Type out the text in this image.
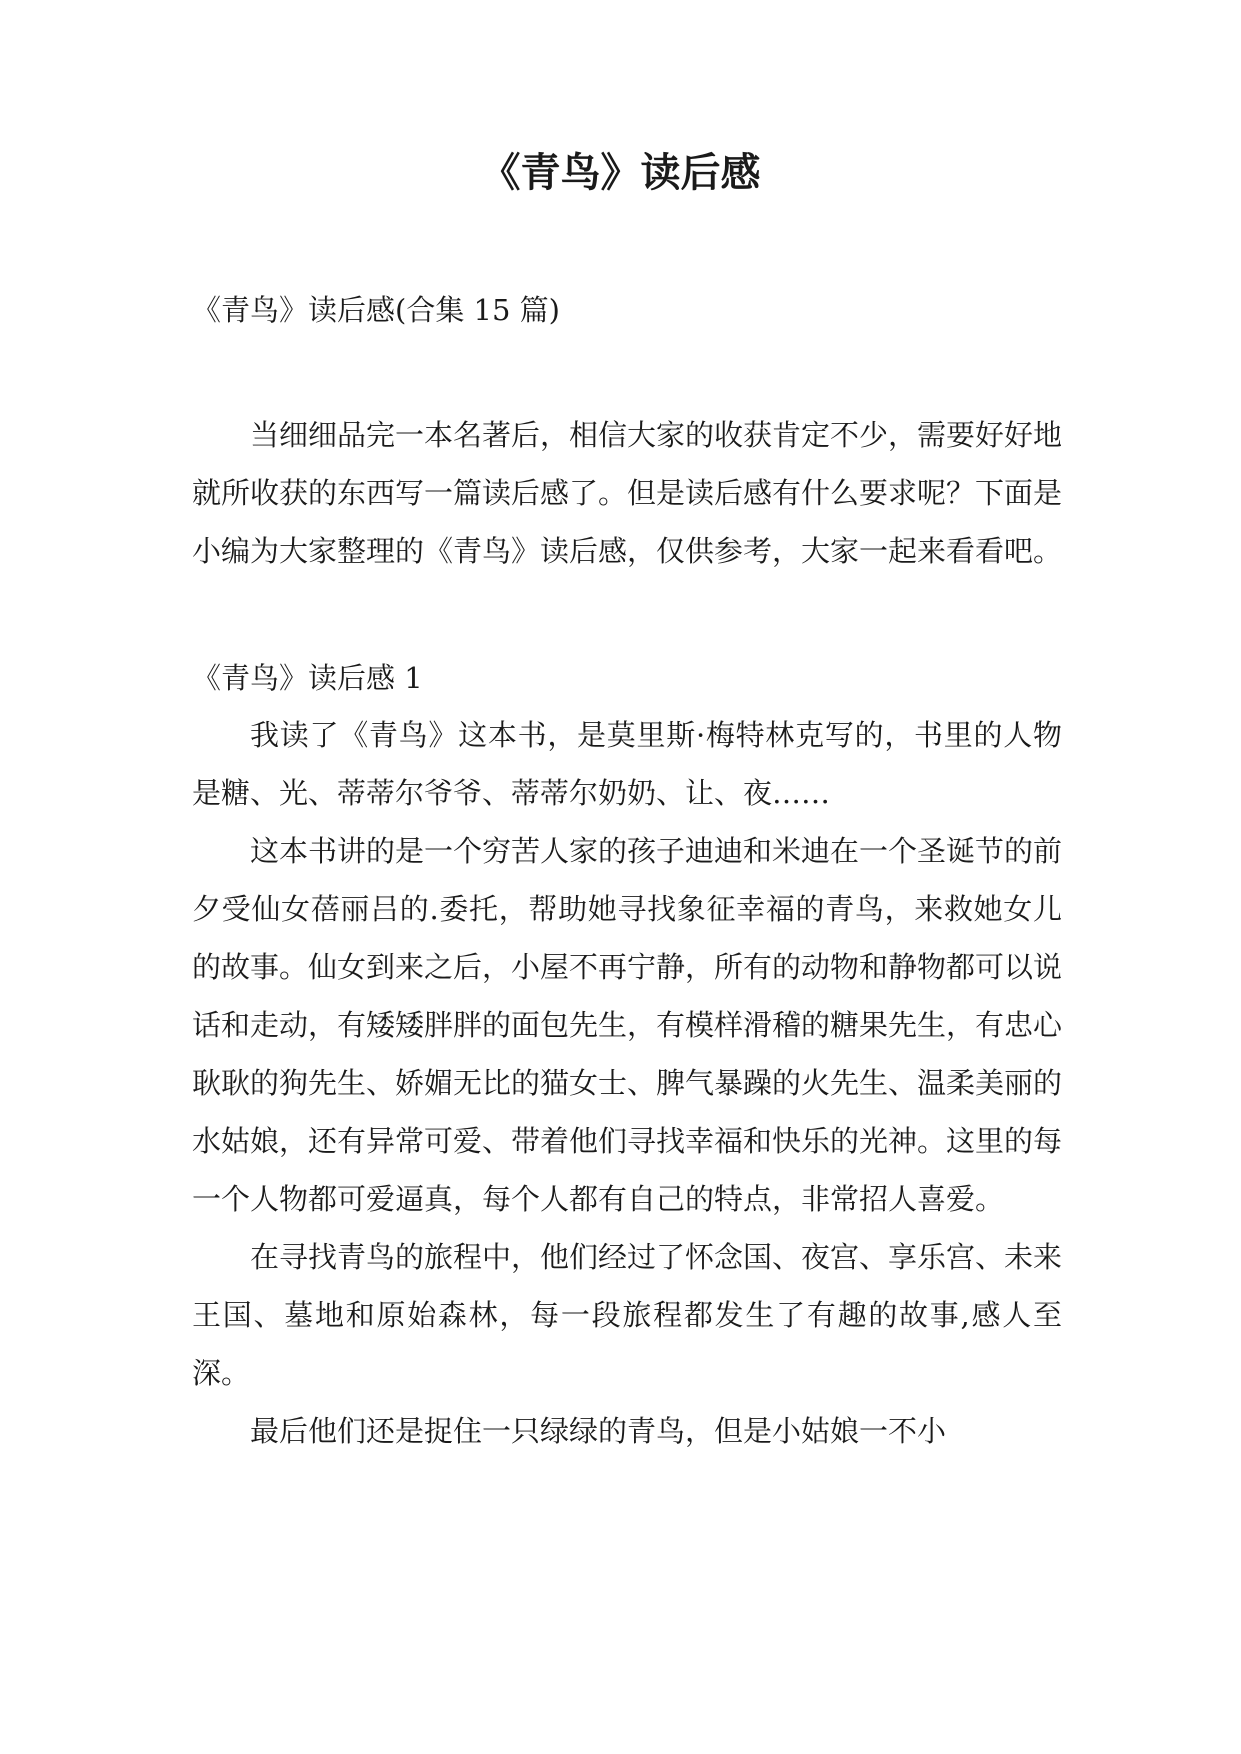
《青鸟》读后感

《青鸟》读后感(合集 15 篇)

当细细品完一本名著后，相信大家的收获肯定不少，需要好好地就所收获的东西写一篇读后感了。但是读后感有什么要求呢？下面是小编为大家整理的《青鸟》读后感，仅供参考，大家一起来看看吧。

《青鸟》读后感 1

我读了《青鸟》这本书，是莫里斯·梅特林克写的，书里的人物是糖、光、蒂蒂尔爷爷、蒂蒂尔奶奶、让、夜……

这本书讲的是一个穷苦人家的孩子迪迪和米迪在一个圣诞节的前夕受仙女蓓丽吕的.委托，帮助她寻找象征幸福的青鸟，来救她女儿的故事。仙女到来之后，小屋不再宁静，所有的动物和静物都可以说话和走动，有矮矮胖胖的面包先生，有模样滑稽的糖果先生，有忠心耿耿的狗先生、娇媚无比的猫女士、脾气暴躁的火先生、温柔美丽的水姑娘，还有异常可爱、带着他们寻找幸福和快乐的光神。这里的每一个人物都可爱逼真，每个人都有自己的特点，非常招人喜爱。

在寻找青鸟的旅程中，他们经过了怀念国、夜宫、享乐宫、未来王国、墓地和原始森林，每一段旅程都发生了有趣的故事,感人至深。

最后他们还是捉住一只绿绿的青鸟，但是小姑娘一不小
